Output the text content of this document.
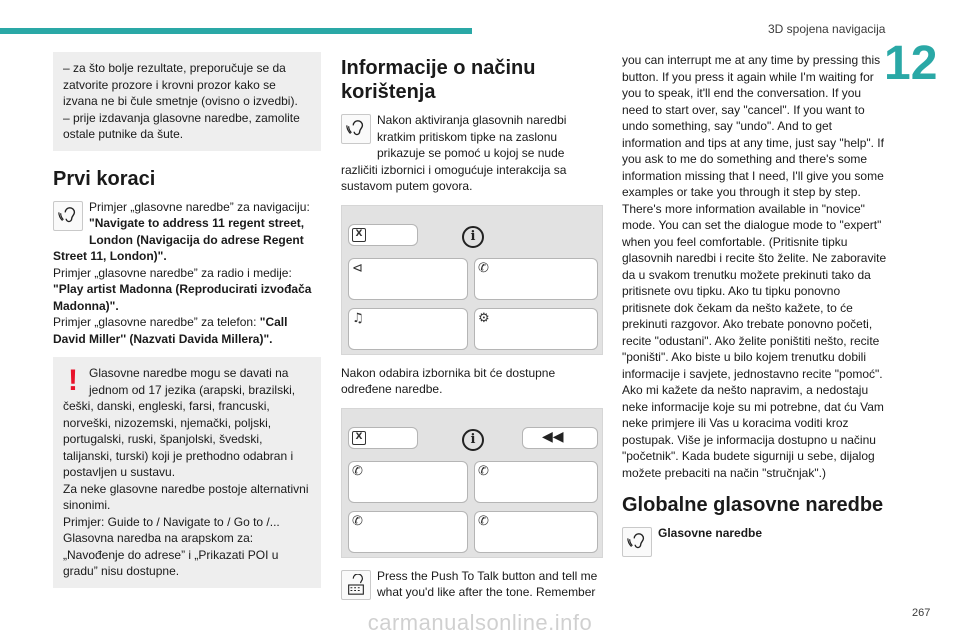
3D spojena navigacija
12

– za što bolje rezultate, preporučuje se da zatvorite prozore i krovni prozor kako se izvana ne bi čule smetnje (ovisno o izvedbi).

– prije izdavanja glasovne naredbe, zamolite ostale putnike da šute.

Prvi koraci
Primjer „glasovne naredbe” za navigaciju: "Navigate to address 11 regent street, London (Navigacija do adrese Regent Street 11, London)".
Primjer „glasovne naredbe” za radio i medije: "Play artist Madonna (Reproducirati izvođača Madonna)".
Primjer „glasovne naredbe” za telefon: "Call David Miller'' (Nazvati Davida Millera)".
! Glasovne naredbe mogu se davati na jednom od 17 jezika (arapski, brazilski, češki, danski, engleski, farsi, francuski, norveški, nizozemski, njemački, poljski, portugalski, ruski, španjolski, švedski, talijanski, turski) koji je prethodno odabran i postavljen u sustavu.

Za neke glasovne naredbe postoje alternativni sinonimi.

Primjer: Guide to / Navigate to / Go to /...

Glasovna naredba na arapskom za: „Navođenje do adrese” i „Prikazati POI u gradu” nisu dostupne.

Informacije o načinu korištenja
Nakon aktiviranja glasovnih naredbi kratkim pritiskom tipke na zaslonu prikazuje se pomoć u kojoj se nude različiti izbornici i omogućuje interakcija sa sustavom putem govora.
X	i
⊲	✆
♫	⚙

Nakon odabira izbornika bit će dostupne određene naredbe.

X	i	◀◀
✆	✆
✆	✆
Press the Push To Talk button and tell me what you'd like after the tone. Remember

you can interrupt me at any time by pressing this button. If you press it again while I'm waiting for you to speak, it'll end the conversation. If you need to start over, say "cancel". If you want to undo something, say "undo". And to get information and tips at any time, just say "help". If you ask to me do something and there's some information missing that I need, I'll give you some examples or take you through it step by step. There's more information available in "novice" mode. You can set the dialogue mode to "expert" when you feel comfortable. (Pritisnite tipku glasovnih naredbi i recite što želite. Ne zaboravite da u svakom trenutku možete prekinuti tako da pritisnete ovu tipku. Ako tu tipku ponovno pritisnete dok čekam da nešto kažete, to će prekinuti razgovor. Ako trebate ponovno početi, recite "odustani". Ako želite poništiti nešto, recite "poništi". Ako biste u bilo kojem trenutku dobili informacije i savjete, jednostavno recite "pomoć". Ako mi kažete da nešto napravim, a nedostaju neke informacije koje su mi potrebne, dat ću Vam neke primjere ili Vas u koracima voditi kroz postupak. Više je informacija dostupno u načinu "početnik". Kada budete sigurniji u sebe, dijalog možete prebaciti na način "stručnjak".)

Globalne glasovne naredbe
Glasovne naredbe
267
carmanualsonline.info
